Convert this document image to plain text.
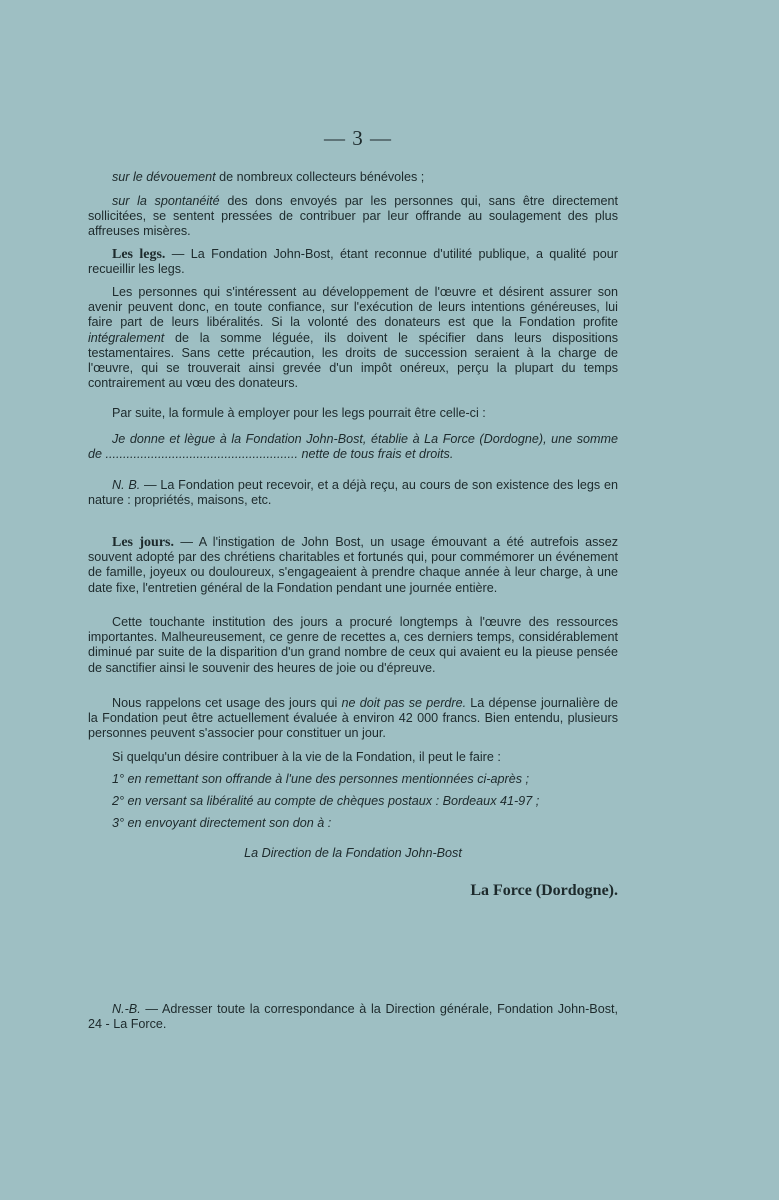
— 3 —

sur le dévouement de nombreux collecteurs bénévoles ;

sur la spontanéité des dons envoyés par les personnes qui, sans être directement sollicitées, se sentent pressées de contribuer par leur offrande au soulagement des plus affreuses misères.

Les legs. — La Fondation John-Bost, étant reconnue d'utilité publique, a qualité pour recueillir les legs.

Les personnes qui s'intéressent au développement de l'œuvre et désirent assurer son avenir peuvent donc, en toute confiance, sur l'exécution de leurs intentions généreuses, lui faire part de leurs libéralités. Si la volonté des donateurs est que la Fondation profite intégralement de la somme léguée, ils doivent le spécifier dans leurs dispositions testamentaires. Sans cette précaution, les droits de succession seraient à la charge de l'œuvre, qui se trouverait ainsi grevée d'un impôt onéreux, perçu la plupart du temps contrairement au vœu des donateurs.

Par suite, la formule à employer pour les legs pourrait être celle-ci :

Je donne et lègue à la Fondation John-Bost, établie à La Force (Dordogne), une somme de ....................................................... nette de tous frais et droits.

N. B. — La Fondation peut recevoir, et a déjà reçu, au cours de son existence des legs en nature : propriétés, maisons, etc.

Les jours. — A l'instigation de John Bost, un usage émouvant a été autrefois assez souvent adopté par des chrétiens charitables et fortunés qui, pour commémorer un événement de famille, joyeux ou douloureux, s'engageaient à prendre chaque année à leur charge, à une date fixe, l'entretien général de la Fondation pendant une journée entière.

Cette touchante institution des jours a procuré longtemps à l'œuvre des ressources importantes. Malheureusement, ce genre de recettes a, ces derniers temps, considérablement diminué par suite de la disparition d'un grand nombre de ceux qui avaient eu la pieuse pensée de sanctifier ainsi le souvenir des heures de joie ou d'épreuve.

Nous rappelons cet usage des jours qui ne doit pas se perdre. La dépense journalière de la Fondation peut être actuellement évaluée à environ 42 000 francs. Bien entendu, plusieurs personnes peuvent s'associer pour constituer un jour.

Si quelqu'un désire contribuer à la vie de la Fondation, il peut le faire :

1° en remettant son offrande à l'une des personnes mentionnées ci-après ;
2° en versant sa libéralité au compte de chèques postaux : Bordeaux 41-97 ;
3° en envoyant directement son don à :
La Direction de la Fondation John-Bost
La Force (Dordogne).

N.-B. — Adresser toute la correspondance à la Direction générale, Fondation John-Bost, 24 - La Force.
